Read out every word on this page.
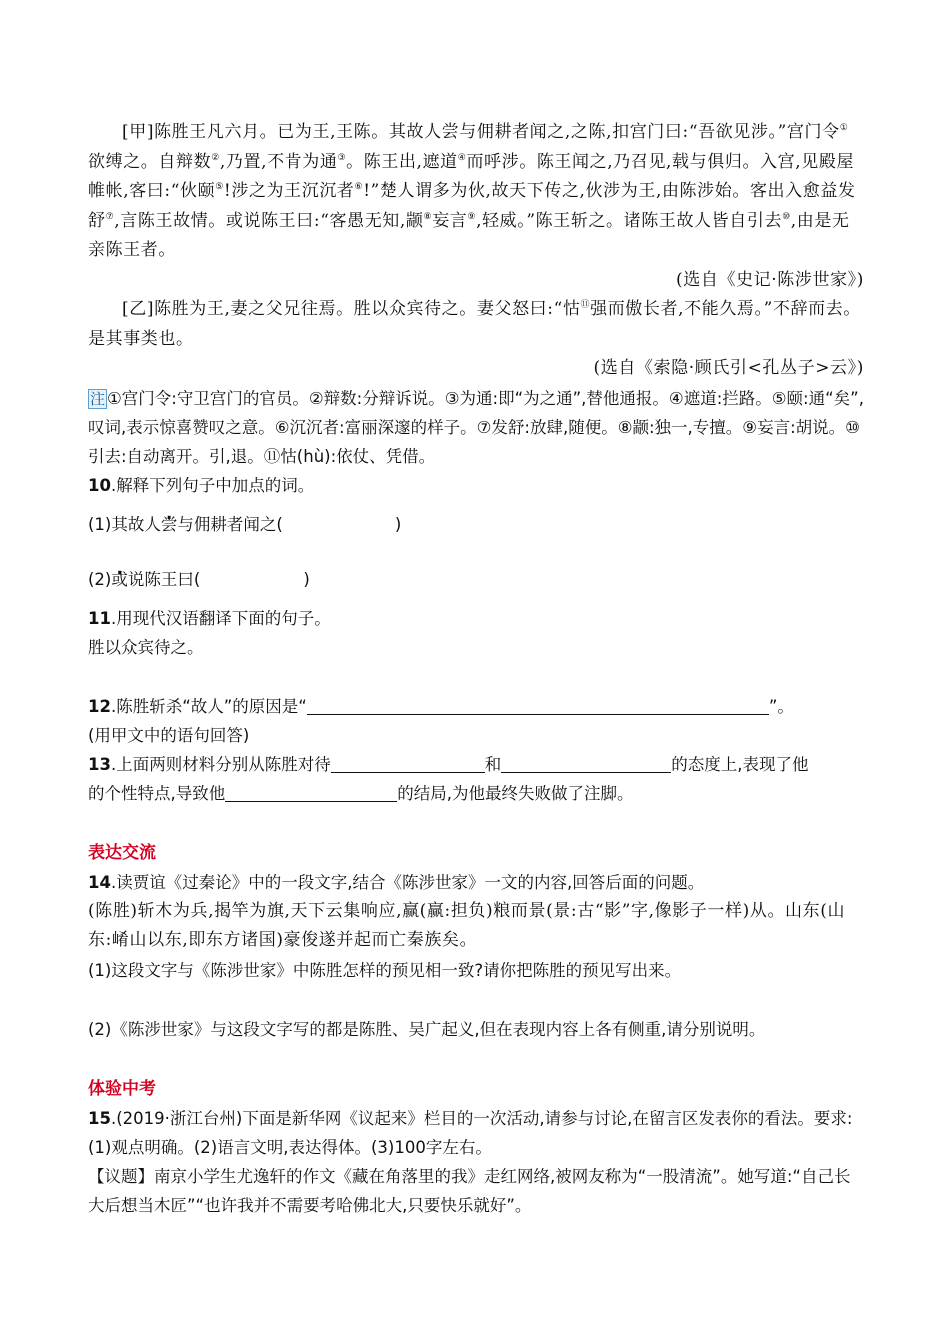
[甲]陈胜王凡六月。已为王,王陈。其故人尝与佣耕者闻之,之陈,扣宫门曰:“吾欲见涉。”宫门令①欲缚之。自辩数②,乃置,不肯为通③。陈王出,遮道④而呼涉。陈王闻之,乃召见,载与俱归。入宫,见殿屋帷帐,客曰:“伙颐⑤!涉之为王沉沉者⑥!”楚人谓多为伙,故天下传之,伙涉为王,由陈涉始。客出入愈益发舒⑦,言陈王故情。或说陈王曰:“客愚无知,颛⑧妄言⑨,轻威。”陈王斩之。诸陈王故人皆自引去⑩,由是无亲陈王者。

(选自《史记·陈涉世家》)

[乙]陈胜为王,妻之父兄往焉。胜以众宾待之。妻父怒曰:“怙⑪强而傲长者,不能久焉。”不辞而去。是其事类也。

(选自《索隐·顾氏引<孔丛子>云》)

注 ①宫门令:守卫宫门的官员。②辩数:分辩诉说。③为通:即“为之通”,替他通报。④遮道:拦路。⑤颐:通“矣”,叹词,表示惊喜赞叹之意。⑥沉沉者:富丽深邃的样子。⑦发舒:放肆,随便。⑧颛:独一,专擅。⑨妄言:胡说。⑩引去:自动离开。引,退。⑪怙(hù):依仗、凭借。

10.解释下列句子中加点的词。

(1)其故人尝与佣耕者闻之(	)

(2)或说陈王曰(	)

11.用现代汉语翻译下面的句子。

胜以众宾待之。

12.陈胜斩杀“故人”的原因是“	”。

(用甲文中的语句回答)

13.上面两则材料分别从陈胜对待	和	的态度上,表现了他
的个性特点,导致他	的结局,为他最终失败做了注脚。

表达交流

14.读贾谊《过秦论》中的一段文字,结合《陈涉世家》一文的内容,回答后面的问题。

(陈胜)斩木为兵,揭竿为旗,天下云集响应,赢(赢:担负)粮而景(景:古“影”字,像影子一样)从。山东(山东:崤山以东,即东方诸国)豪俊遂并起而亡秦族矣。

(1)这段文字与《陈涉世家》中陈胜怎样的预见相一致?请你把陈胜的预见写出来。

(2)《陈涉世家》与这段文字写的都是陈胜、吴广起义,但在表现内容上各有侧重,请分别说明。

体验中考

15.(2019·浙江台州)下面是新华网《议起来》栏目的一次活动,请参与讨论,在留言区发表你的看法。要求:(1)观点明确。(2)语言文明,表达得体。(3)100字左右。

【议题】南京小学生尤逸轩的作文《藏在角落里的我》走红网络,被网友称为“一股清流”。她写道:“自己长大后想当木匠”“也许我并不需要考哈佛北大,只要快乐就好”。
